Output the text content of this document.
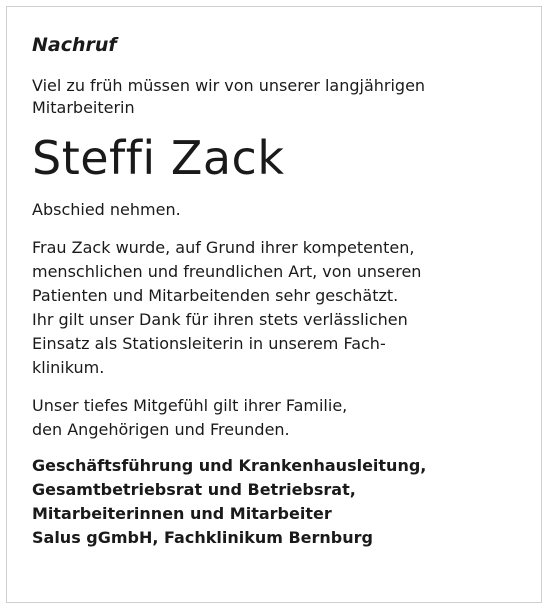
Nachruf
Viel zu früh müssen wir von unserer langjährigen
Mitarbeiterin
Steffi Zack
Abschied nehmen.
Frau Zack wurde, auf Grund ihrer kompetenten,
menschlichen und freundlichen Art, von unseren
Patienten und Mitarbeitenden sehr geschätzt.
Ihr gilt unser Dank für ihren stets verlässlichen
Einsatz als Stationsleiterin in unserem Fach-
klinikum.
Unser tiefes Mitgefühl gilt ihrer Familie,
den Angehörigen und Freunden.
Geschäftsführung und Krankenhausleitung,
Gesamtbetriebsrat und Betriebsrat,
Mitarbeiterinnen und Mitarbeiter
Salus gGmbH, Fachklinikum Bernburg
